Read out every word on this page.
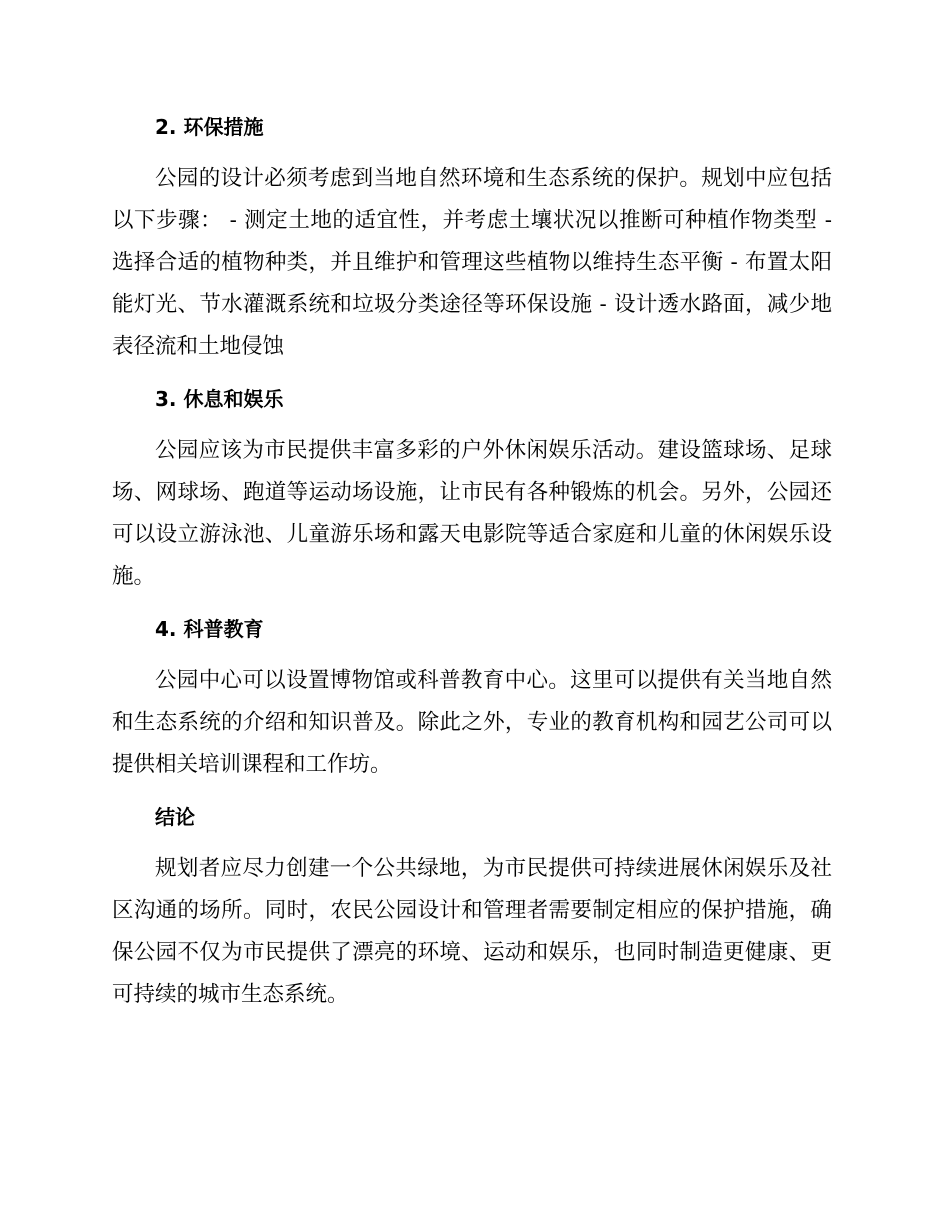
2. 环保措施

公园的设计必须考虑到当地自然环境和生态系统的保护。规划中应包括以下步骤： - 测定土地的适宜性，并考虑土壤状况以推断可种植作物类型 - 选择合适的植物种类，并且维护和管理这些植物以维持生态平衡 - 布置太阳能灯光、节水灌溉系统和垃圾分类途径等环保设施 - 设计透水路面，减少地表径流和土地侵蚀

3. 休息和娱乐

公园应该为市民提供丰富多彩的户外休闲娱乐活动。建设篮球场、足球场、网球场、跑道等运动场设施，让市民有各种锻炼的机会。另外，公园还可以设立游泳池、儿童游乐场和露天电影院等适合家庭和儿童的休闲娱乐设施。

4. 科普教育

公园中心可以设置博物馆或科普教育中心。这里可以提供有关当地自然和生态系统的介绍和知识普及。除此之外，专业的教育机构和园艺公司可以提供相关培训课程和工作坊。

结论

规划者应尽力创建一个公共绿地，为市民提供可持续进展休闲娱乐及社区沟通的场所。同时，农民公园设计和管理者需要制定相应的保护措施，确保公园不仅为市民提供了漂亮的环境、运动和娱乐，也同时制造更健康、更可持续的城市生态系统。
